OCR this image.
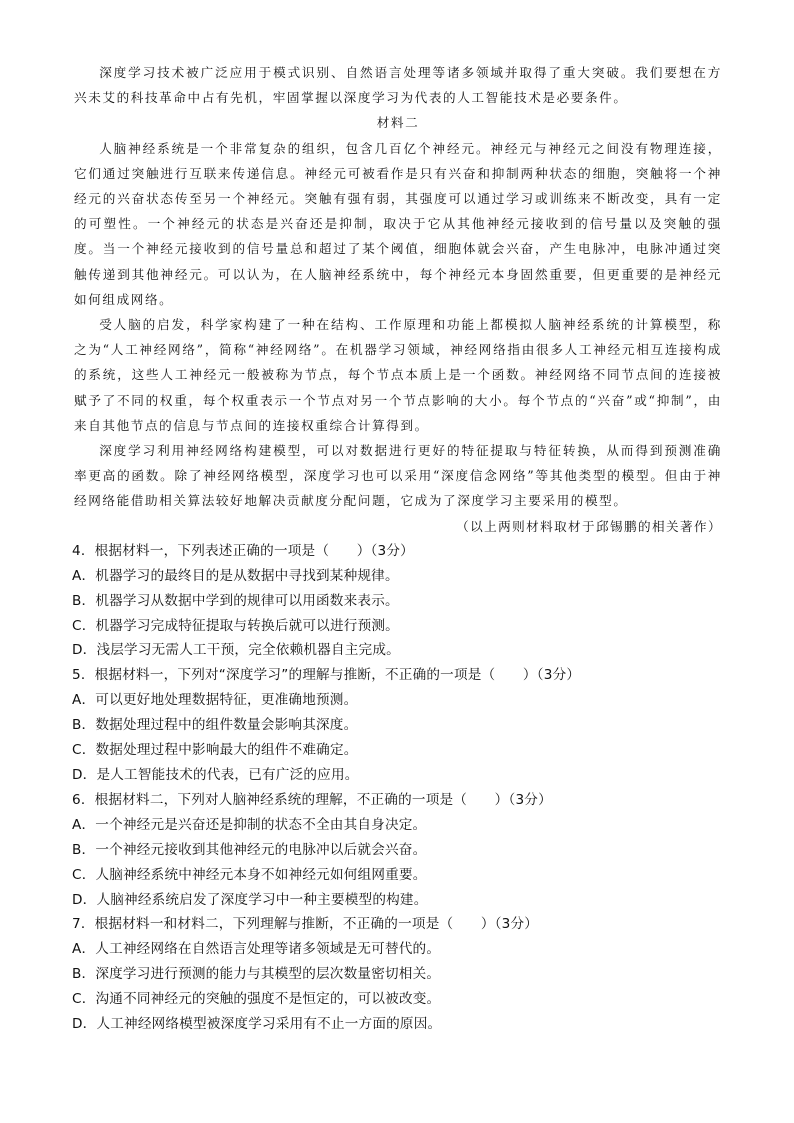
深度学习技术被广泛应用于模式识别、自然语言处理等诸多领域并取得了重大突破。我们要想在方兴未艾的科技革命中占有先机，牢固掌握以深度学习为代表的人工智能技术是必要条件。

材料二

人脑神经系统是一个非常复杂的组织，包含几百亿个神经元。神经元与神经元之间没有物理连接，它们通过突触进行互联来传递信息。神经元可被看作是只有兴奋和抑制两种状态的细胞，突触将一个神经元的兴奋状态传至另一个神经元。突触有强有弱，其强度可以通过学习或训练来不断改变，具有一定的可塑性。一个神经元的状态是兴奋还是抑制，取决于它从其他神经元接收到的信号量以及突触的强度。当一个神经元接收到的信号量总和超过了某个阈值，细胞体就会兴奋，产生电脉冲，电脉冲通过突触传递到其他神经元。可以认为，在人脑神经系统中，每个神经元本身固然重要，但更重要的是神经元如何组成网络。

受人脑的启发，科学家构建了一种在结构、工作原理和功能上都模拟人脑神经系统的计算模型，称之为“人工神经网络”，简称“神经网络”。在机器学习领域，神经网络指由很多人工神经元相互连接构成的系统，这些人工神经元一般被称为节点，每个节点本质上是一个函数。神经网络不同节点间的连接被赋予了不同的权重，每个权重表示一个节点对另一个节点影响的大小。每个节点的“兴奋”或“抑制”，由来自其他节点的信息与节点间的连接权重综合计算得到。

深度学习利用神经网络构建模型，可以对数据进行更好的特征提取与特征转换，从而得到预测准确率更高的函数。除了神经网络模型，深度学习也可以采用“深度信念网络”等其他类型的模型。但由于神经网络能借助相关算法较好地解决贡献度分配问题，它成为了深度学习主要采用的模型。

（以上两则材料取材于邱锡鹏的相关著作）

4．根据材料一，下列表述正确的一项是（　　）（3分）

A．机器学习的最终目的是从数据中寻找到某种规律。

B．机器学习从数据中学到的规律可以用函数来表示。

C．机器学习完成特征提取与转换后就可以进行预测。

D．浅层学习无需人工干预，完全依赖机器自主完成。

5．根据材料一，下列对“深度学习”的理解与推断，不正确的一项是（　　）（3分）

A．可以更好地处理数据特征，更准确地预测。

B．数据处理过程中的组件数量会影响其深度。

C．数据处理过程中影响最大的组件不难确定。

D．是人工智能技术的代表，已有广泛的应用。

6．根据材料二，下列对人脑神经系统的理解，不正确的一项是（　　）（3分）

A．一个神经元是兴奋还是抑制的状态不全由其自身决定。

B．一个神经元接收到其他神经元的电脉冲以后就会兴奋。

C．人脑神经系统中神经元本身不如神经元如何组网重要。

D．人脑神经系统启发了深度学习中一种主要模型的构建。

7．根据材料一和材料二，下列理解与推断，不正确的一项是（　　）（3分）

A．人工神经网络在自然语言处理等诸多领域是无可替代的。

B．深度学习进行预测的能力与其模型的层次数量密切相关。

C．沟通不同神经元的突触的强度不是恒定的，可以被改变。

D．人工神经网络模型被深度学习采用有不止一方面的原因。
